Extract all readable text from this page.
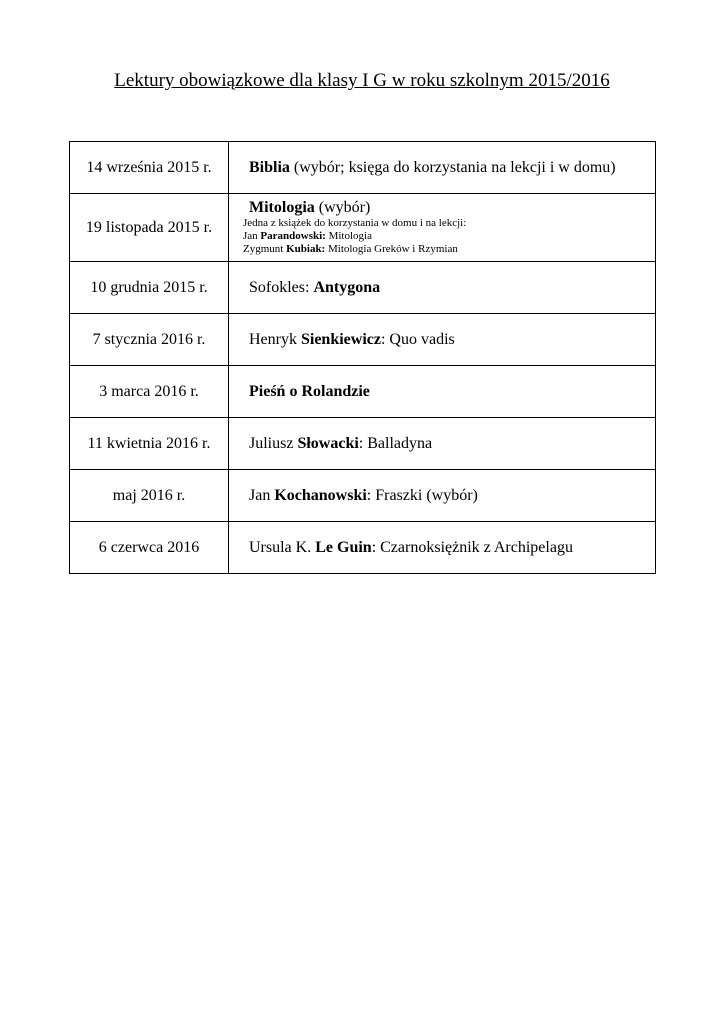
Lektury obowiązkowe dla klasy I G w roku szkolnym 2015/2016
14 września 2015 r.	Biblia (wybór; księga do korzystania na lekcji i w domu)
19 listopada 2015 r.	Mitologia (wybór)
Jedna z książek do korzystania w domu i na lekcji:
Jan Parandowski: Mitologia
Zygmunt Kubiak: Mitologia Greków i Rzymian

10 grudnia 2015 r.	Sofokles: Antygona
7 stycznia 2016 r.	Henryk Sienkiewicz: Quo vadis
3 marca 2016 r.	Pieśń o Rolandzie
11 kwietnia 2016 r.	Juliusz Słowacki: Balladyna
maj 2016 r.	Jan Kochanowski: Fraszki (wybór)
6 czerwca 2016	Ursula K. Le Guin: Czarnoksiężnik z Archipelagu
